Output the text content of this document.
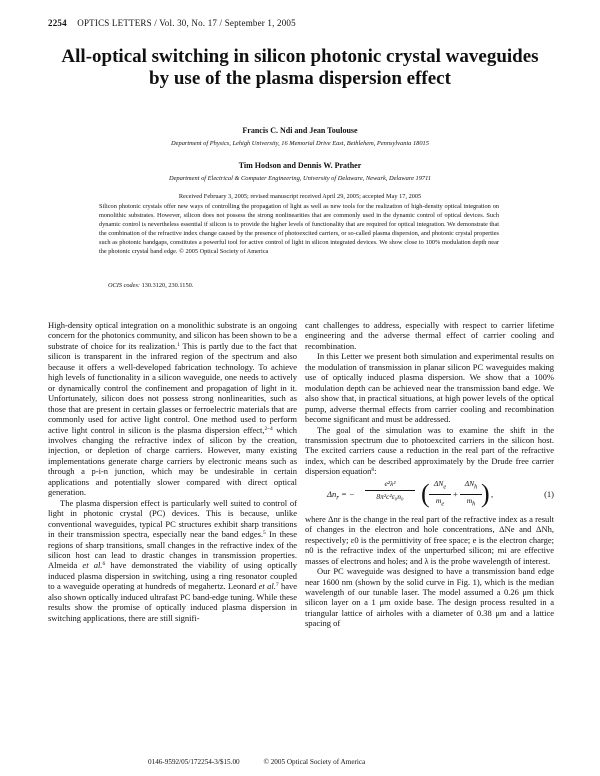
2254 OPTICS LETTERS / Vol. 30, No. 17 / September 1, 2005
All-optical switching in silicon photonic crystal waveguides by use of the plasma dispersion effect
Francis C. Ndi and Jean Toulouse
Department of Physics, Lehigh University, 16 Memorial Drive East, Bethlehem, Pennsylvania 18015
Tim Hodson and Dennis W. Prather
Department of Electrical & Computer Engineering, University of Delaware, Newark, Delaware 19711
Received February 3, 2005; revised manuscript received April 29, 2005; accepted May 17, 2005
Silicon photonic crystals offer new ways of controlling the propagation of light as well as new tools for the realization of high-density optical integration on monolithic substrates. However, silicon does not possess the strong nonlinearities that are commonly used in the dynamic control of optical devices. Such dynamic control is nevertheless essential if silicon is to provide the higher levels of functionality that are required for optical integration. We demonstrate that the combination of the refractive index change caused by the presence of photoexcited carriers, or so-called plasma dispersion, and photonic crystal properties such as photonic bandgaps, constitutes a powerful tool for active control of light in silicon integrated devices. We show close to 100% modulation depth near the photonic crystal band edge. © 2005 Optical Society of America
OCIS codes: 130.3120, 230.1150.

High-density optical integration on a monolithic substrate is an ongoing concern for the photonics community, and silicon has been shown to be a substrate of choice for its realization.$^1$ This is partly due to the fact that silicon is transparent in the infrared region of the spectrum and also because it offers a well-developed fabrication technology. To achieve high levels of functionality in a silicon waveguide, one needs to actively or dynamically control the confinement and propagation of light in it. Unfortunately, silicon does not possess strong nonlinearities, such as those that are present in certain glasses or ferroelectric materials that are commonly used for active light control. One method used to perform active light control in silicon is the plasma dispersion effect,$^{2-4}$ which involves changing the refractive index of silicon by the creation, injection, or depletion of charge carriers. However, many existing implementations generate charge carriers by electronic means such as through a p-i-n junction, which may be undesirable in certain applications and potentially slower compared with direct optical generation.

The plasma dispersion effect is particularly well suited to control of light in photonic crystal (PC) devices. This is because, unlike conventional waveguides, typical PC structures exhibit sharp transitions in their transmission spectra, especially near the band edges.$^5$ In these regions of sharp transitions, small changes in the refractive index of the silicon host can lead to drastic changes in transmission properties. Almeida et al.$^6$ have demonstrated the viability of using optically induced plasma dispersion in switching, using a ring resonator coupled to a waveguide operating at hundreds of megahertz. Leonard et al.$^7$ have also shown optically induced ultrafast PC band-edge tuning. While these results show the promise of optically induced plasma dispersion in switching applications, there are still signifi-

cant challenges to address, especially with respect to carrier lifetime engineering and the adverse thermal effect of carrier cooling and recombination.

In this Letter we present both simulation and experimental results on the modulation of transmission in planar silicon PC waveguides making use of optically induced plasma dispersion. We show that a 100% modulation depth can be achieved near the transmission band edge. We also show that, in practical situations, at high power levels of the optical pump, adverse thermal effects from carrier cooling and recombination become significant and must be addressed.

The goal of the simulation was to examine the shift in the transmission spectrum due to photoexcited carriers in the silicon host. The excited carriers cause a reduction in the real part of the refractive index, which can be described approximately by the Drude free carrier dispersion equation$^8$:

$\Delta n_r$ = − $\frac{\text{e²λ²}}{\text{8π²c²ε₀n₀}}$ ( $\Delta N_e$
$m_e$
+
$\Delta N_h$
$m_h$ ) ,	(1)

where Δnr is the change in the real part of the refractive index as a result of changes in the electron and hole concentrations, ΔNe and ΔNh, respectively; ε0 is the permittivity of free space; e is the electron charge; n0 is the refractive index of the unperturbed silicon; mi are effective masses of electrons and holes; and λ is the probe wavelength of interest.

Our PC waveguide was designed to have a transmission band edge near 1600 nm (shown by the solid curve in Fig. 1), which is the median wavelength of our tunable laser. The model assumed a 0.26 μm thick silicon layer on a 1 μm oxide base. The design process resulted in a triangular lattice of airholes with a diameter of 0.38 μm and a lattice spacing of

0146-9592/05/172254-3/$15.00	© 2005 Optical Society of America
